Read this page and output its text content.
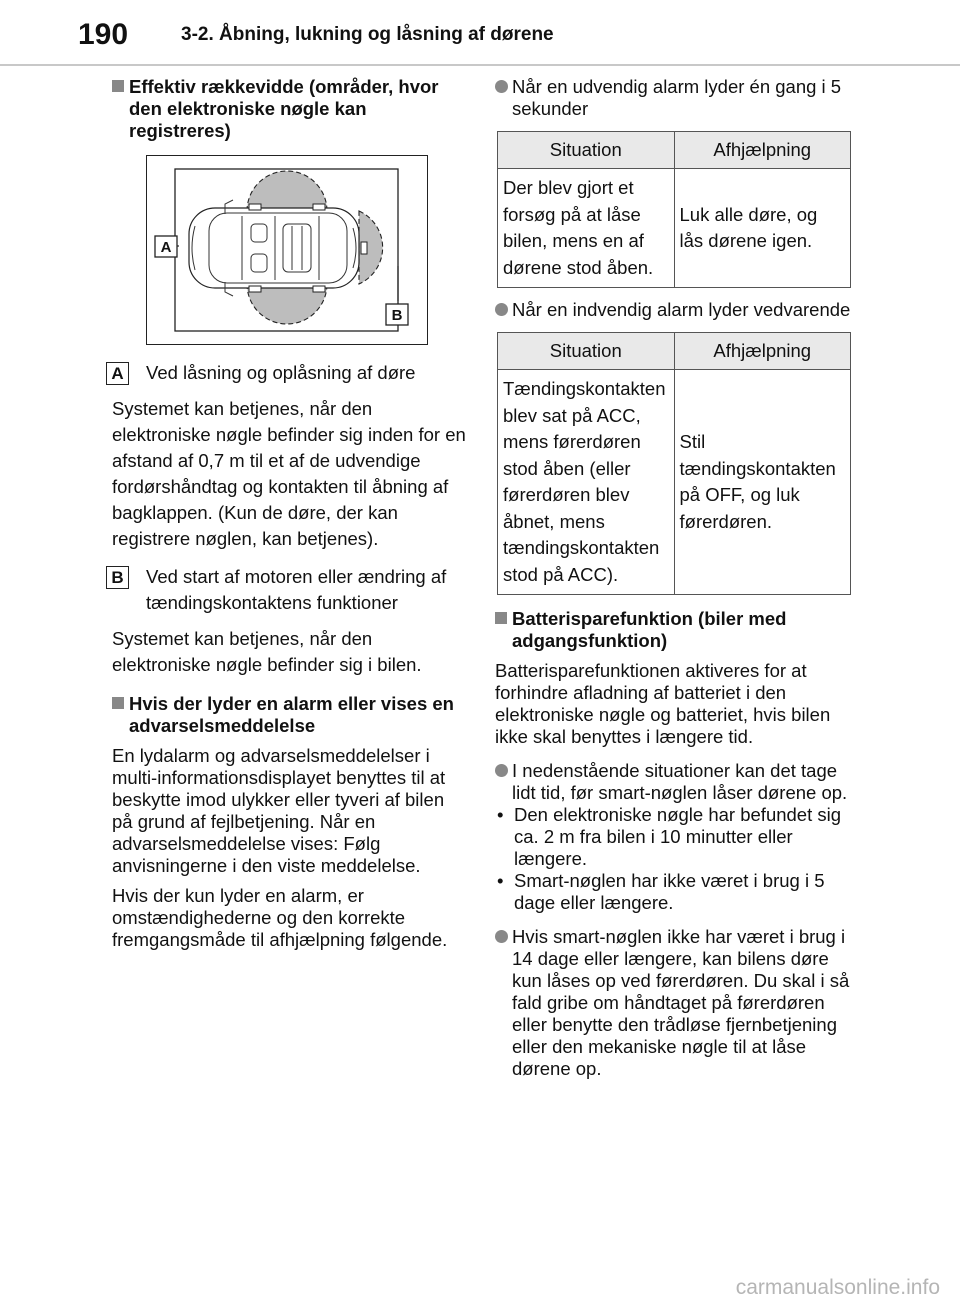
190	3-2. Åbning, lukning og låsning af dørene
Effektiv rækkevidde (områder, hvor den elektroniske nøgle kan registreres)
A
B
A Ved låsning og oplåsning af døre

Systemet kan betjenes, når den elektroniske nøgle befinder sig inden for en afstand af 0,7 m til et af de udvendige fordørshåndtag og kontakten til åbning af bagklappen. (Kun de døre, der kan registrere nøglen, kan betjenes).

B Ved start af motoren eller ændring af tændingskontaktens funktioner

Systemet kan betjenes, når den elektroniske nøgle befinder sig i bilen.

Hvis der lyder en alarm eller vises en advarselsmeddelelse

En lydalarm og advarselsmeddelelser i multi-informationsdisplayet benyttes til at beskytte imod ulykker eller tyveri af bilen på grund af fejlbetjening. Når en advarselsmeddelelse vises: Følg anvisningerne i den viste meddelelse.

Hvis der kun lyder en alarm, er omstændighederne og den korrekte fremgangsmåde til afhjælpning følgende.

Når en udvendig alarm lyder én gang i 5 sekunder
Situation	Afhjælpning
Der blev gjort et forsøg på at låse bilen, mens en af dørene stod åben.	Luk alle døre, og lås dørene igen.
Når en indvendig alarm lyder vedvarende
Situation	Afhjælpning
Tændingskontakten blev sat på ACC, mens førerdøren stod åben (eller førerdøren blev åbnet, mens tændingskontakten stod på ACC).	Stil tændingskontakten på OFF, og luk førerdøren.
Batterisparefunktion (biler med adgangsfunktion)

Batterisparefunktionen aktiveres for at forhindre afladning af batteriet i den elektroniske nøgle og batteriet, hvis bilen ikke skal benyttes i længere tid.

I nedenstående situationer kan det tage lidt tid, før smart-nøglen låser dørene op.
• Den elektroniske nøgle har befundet sig ca. 2 m fra bilen i 10 minutter eller længere.
• Smart-nøglen har ikke været i brug i 5 dage eller længere.
Hvis smart-nøglen ikke har været i brug i 14 dage eller længere, kan bilens døre kun låses op ved førerdøren. Du skal i så fald gribe om håndtaget på førerdøren eller benytte den trådløse fjernbetjening eller den mekaniske nøgle til at låse dørene op.
carmanualsonline.info
